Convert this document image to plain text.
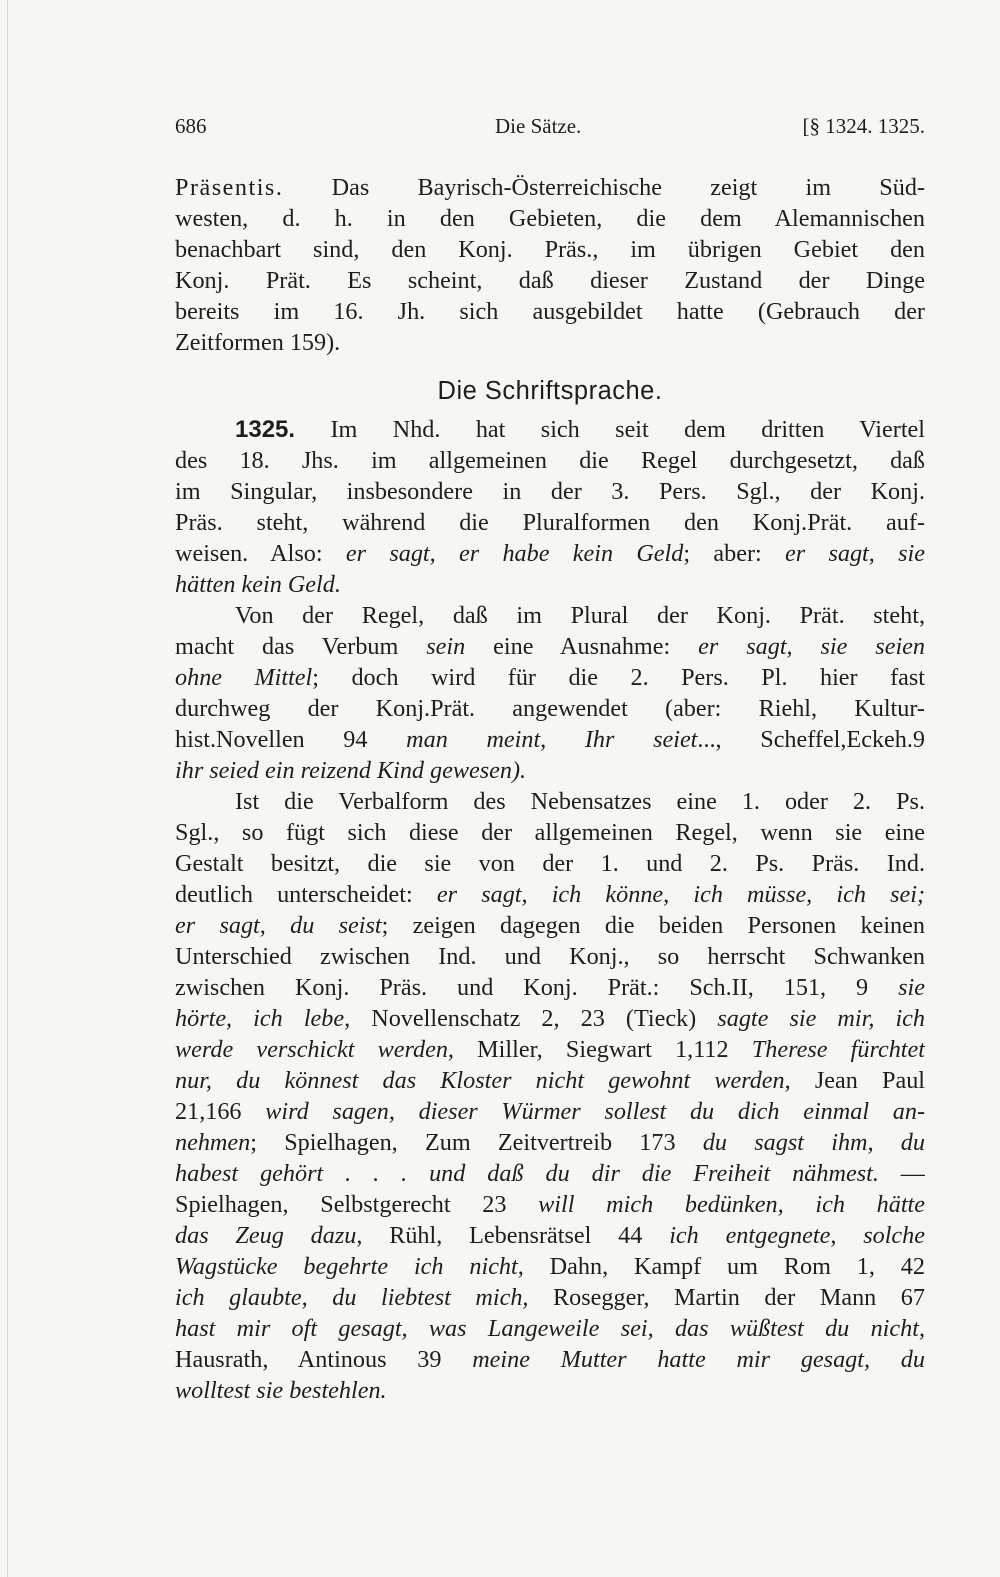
686	Die Sätze.	[§ 1324. 1325.
Präsentis. Das Bayrisch-Österreichische zeigt im Süd-
westen, d. h. in den Gebieten, die dem Alemannischen
benachbart sind, den Konj. Präs., im übrigen Gebiet den
Konj. Prät. Es scheint, daß dieser Zustand der Dinge
bereits im 16. Jh. sich ausgebildet hatte (Gebrauch der
Zeitformen 159).
Die Schriftsprache.
1325. Im Nhd. hat sich seit dem dritten Viertel
des 18. Jhs. im allgemeinen die Regel durchgesetzt, daß
im Singular, insbesondere in der 3. Pers. Sgl., der Konj.
Präs. steht, während die Pluralformen den Konj.Prät. auf-
weisen. Also: er sagt, er habe kein Geld; aber: er sagt, sie
hätten kein Geld.
Von der Regel, daß im Plural der Konj. Prät. steht,
macht das Verbum sein eine Ausnahme: er sagt, sie seien
ohne Mittel; doch wird für die 2. Pers. Pl. hier fast
durchweg der Konj.Prät. angewendet (aber: Riehl, Kultur-
hist.Novellen 94 man meint, Ihr seiet..., Scheffel,Eckeh.9
ihr seied ein reizend Kind gewesen).
Ist die Verbalform des Nebensatzes eine 1. oder 2. Ps.
Sgl., so fügt sich diese der allgemeinen Regel, wenn sie eine
Gestalt besitzt, die sie von der 1. und 2. Ps. Präs. Ind.
deutlich unterscheidet: er sagt, ich könne, ich müsse, ich sei;
er sagt, du seist; zeigen dagegen die beiden Personen keinen
Unterschied zwischen Ind. und Konj., so herrscht Schwanken
zwischen Konj. Präs. und Konj. Prät.: Sch.II, 151, 9 sie
hörte, ich lebe, Novellenschatz 2, 23 (Tieck) sagte sie mir, ich
werde verschickt werden, Miller, Siegwart 1,112 Therese fürchtet
nur, du könnest das Kloster nicht gewohnt werden, Jean Paul
21,166 wird sagen, dieser Würmer sollest du dich einmal an-
nehmen; Spielhagen, Zum Zeitvertreib 173 du sagst ihm, du
habest gehört . . . und daß du dir die Freiheit nähmest. —
Spielhagen, Selbstgerecht 23 will mich bedünken, ich hätte
das Zeug dazu, Rühl, Lebensrätsel 44 ich entgegnete, solche
Wagstücke begehrte ich nicht, Dahn, Kampf um Rom 1, 42
ich glaubte, du liebtest mich, Rosegger, Martin der Mann 67
hast mir oft gesagt, was Langeweile sei, das wüßtest du nicht,
Hausrath, Antinous 39 meine Mutter hatte mir gesagt, du
wolltest sie bestehlen.
